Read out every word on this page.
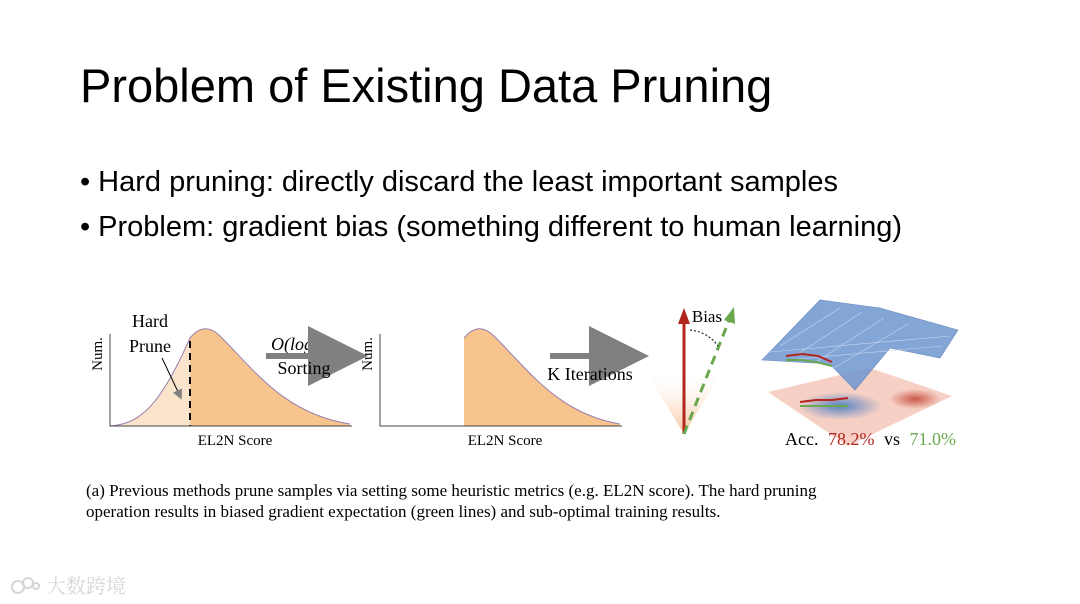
Problem of Existing Data Pruning
• Hard pruning: directly discard the least important samples
• Problem: gradient bias (something different to human learning)
Hard
Prune
Num.
EL2N Score
O(logN)
Sorting Num.
EL2N Score
K Iterations
Bias
Acc. 78.2% vs 71.0%
(a) Previous methods prune samples via setting some heuristic metrics (e.g. EL2N score). The hard pruning
operation results in biased gradient expectation (green lines) and sub-optimal training results.
大数跨境
